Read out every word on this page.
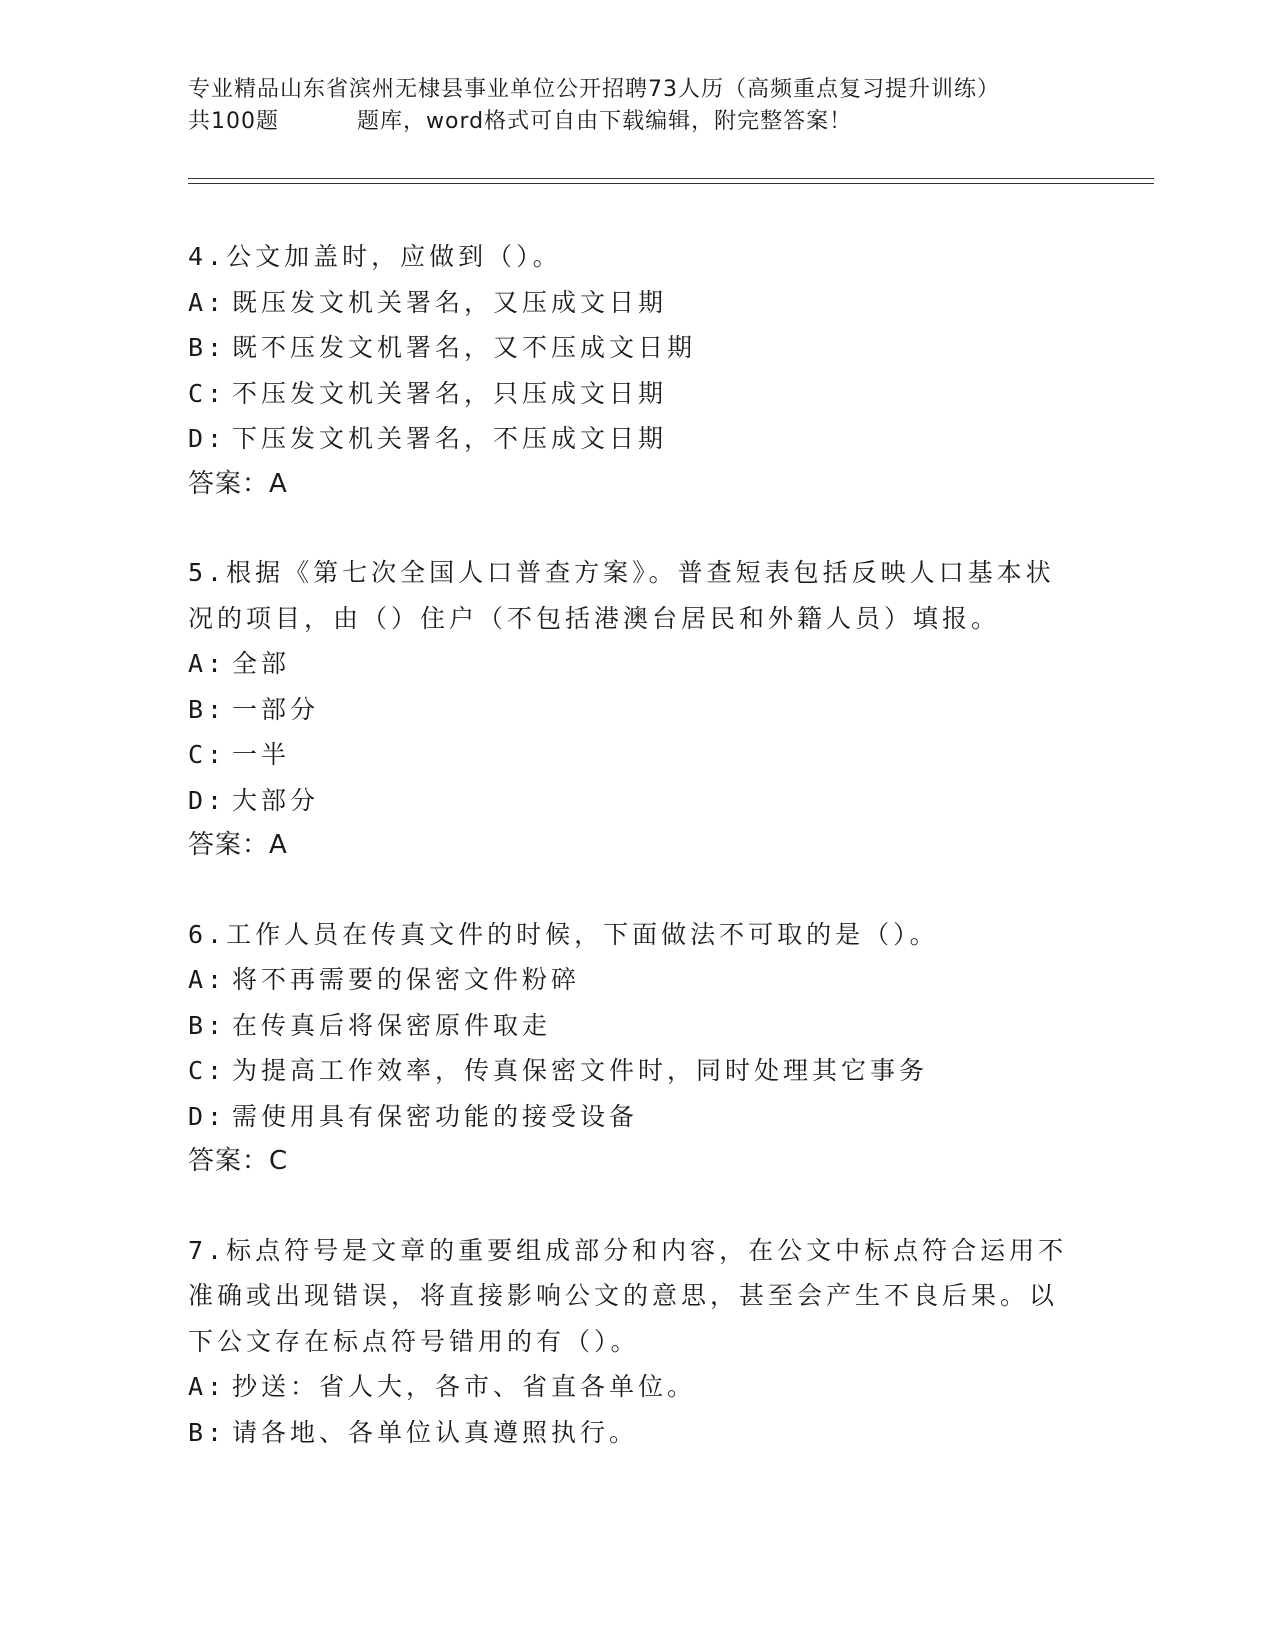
专业精品山东省滨州无棣县事业单位公开招聘73人历（高频重点复习提升训练）
共100题	题库，word格式可自由下载编辑，附完整答案！
4.公文加盖时，应做到（）。
A: 既压发文机关署名，又压成文日期
B: 既不压发文机署名，又不压成文日期
C: 不压发文机关署名，只压成文日期
D: 下压发文机关署名，不压成文日期
答案：A
5.根据《第七次全国人口普查方案》。普查短表包括反映人口基本状
况的项目，由（）住户（不包括港澳台居民和外籍人员）填报。
A: 全部
B: 一部分
C: 一半
D: 大部分
答案：A
6.工作人员在传真文件的时候，下面做法不可取的是（）。
A: 将不再需要的保密文件粉碎
B: 在传真后将保密原件取走
C: 为提高工作效率，传真保密文件时，同时处理其它事务
D: 需使用具有保密功能的接受设备
答案：C
7.标点符号是文章的重要组成部分和内容，在公文中标点符合运用不
准确或出现错误，将直接影响公文的意思，甚至会产生不良后果。以
下公文存在标点符号错用的有（）。
A: 抄送：省人大，各市、省直各单位。
B: 请各地、各单位认真遵照执行。
